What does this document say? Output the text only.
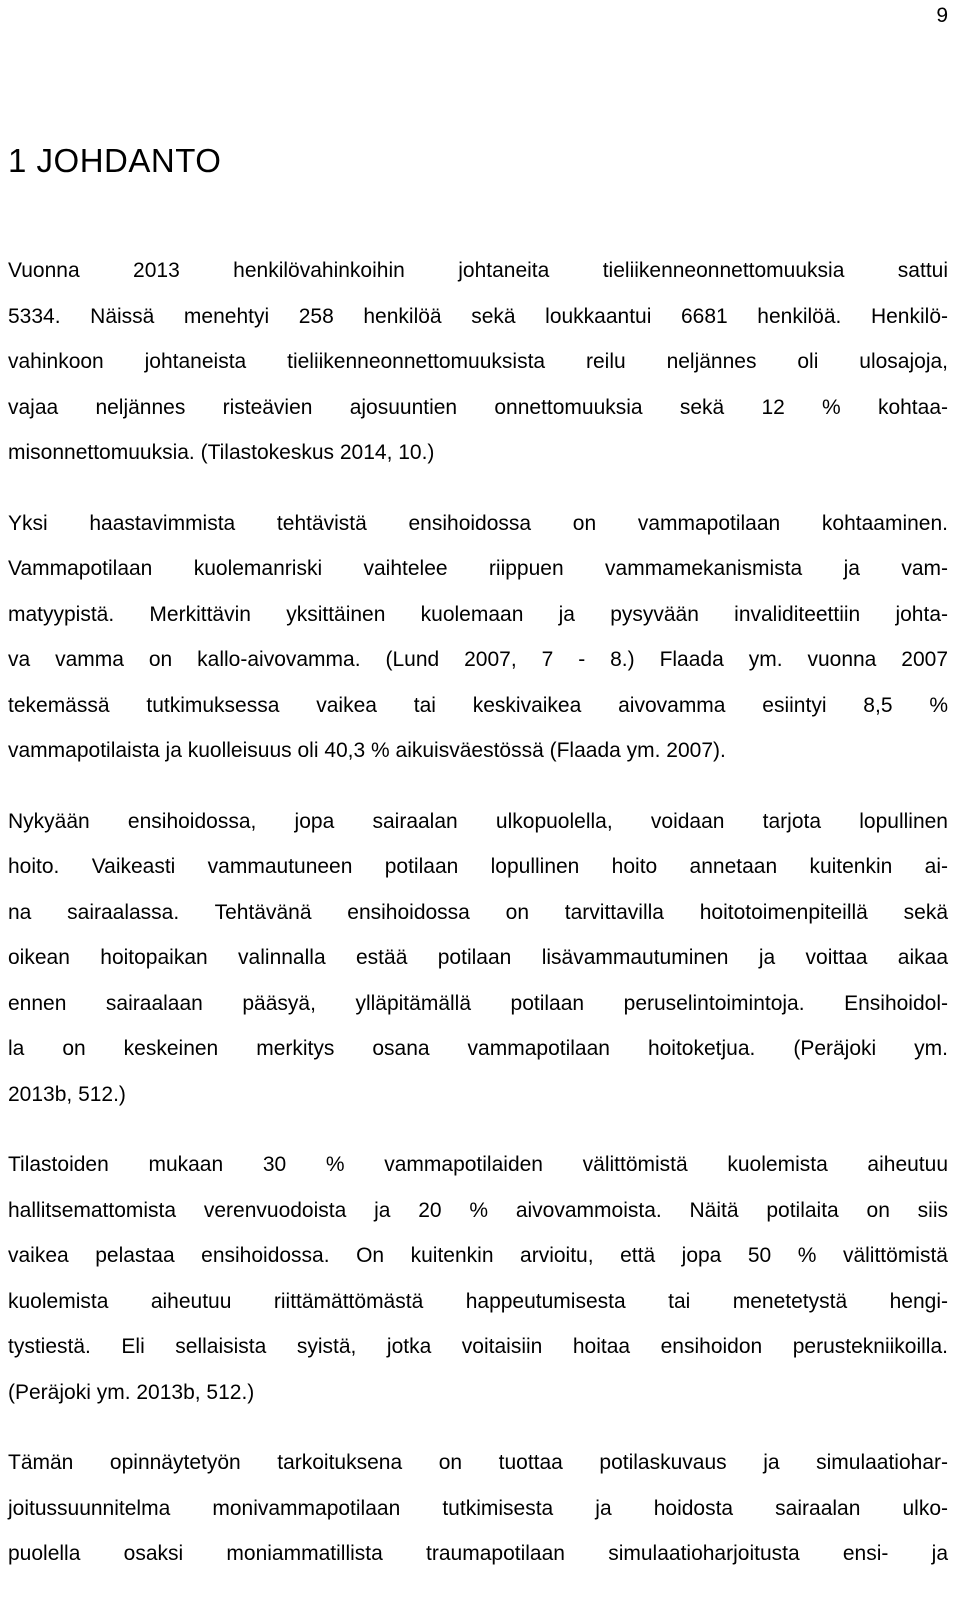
9
1 JOHDANTO

Vuonna 2013 henkilövahinkoihin johtaneita tieliikenneonnettomuuksia sattui
5334. Näissä menehtyi 258 henkilöä sekä loukkaantui 6681 henkilöä. Henkilö-
vahinkoon johtaneista tieliikenneonnettomuuksista reilu neljännes oli ulosajoja,
vajaa neljännes risteävien ajosuuntien onnettomuuksia sekä 12 % kohtaa-
misonnettomuuksia. (Tilastokeskus 2014, 10.)

Yksi haastavimmista tehtävistä ensihoidossa on vammapotilaan kohtaaminen.
Vammapotilaan kuolemanriski vaihtelee riippuen vammamekanismista ja vam-
matyypistä. Merkittävin yksittäinen kuolemaan ja pysyvään invaliditeettiin johta-
va vamma on kallo-aivovamma. (Lund 2007, 7 - 8.) Flaada ym. vuonna 2007
tekemässä tutkimuksessa vaikea tai keskivaikea aivovamma esiintyi 8,5 %
vammapotilaista ja kuolleisuus oli 40,3 % aikuisväestössä (Flaada ym. 2007).

Nykyään ensihoidossa, jopa sairaalan ulkopuolella, voidaan tarjota lopullinen
hoito. Vaikeasti vammautuneen potilaan lopullinen hoito annetaan kuitenkin ai-
na sairaalassa. Tehtävänä ensihoidossa on tarvittavilla hoitotoimenpiteillä sekä
oikean hoitopaikan valinnalla estää potilaan lisävammautuminen ja voittaa aikaa
ennen sairaalaan pääsyä, ylläpitämällä potilaan peruselintoimintoja. Ensihoidol-
la on keskeinen merkitys osana vammapotilaan hoitoketjua. (Peräjoki ym.
2013b, 512.)

Tilastoiden mukaan 30 % vammapotilaiden välittömistä kuolemista aiheutuu
hallitsemattomista verenvuodoista ja 20 % aivovammoista. Näitä potilaita on siis
vaikea pelastaa ensihoidossa. On kuitenkin arvioitu, että jopa 50 % välittömistä
kuolemista aiheutuu riittämättömästä happeutumisesta tai menetetystä hengi-
tystiestä. Eli sellaisista syistä, jotka voitaisiin hoitaa ensihoidon perustekniikoilla.
(Peräjoki ym. 2013b, 512.)

Tämän opinnäytetyön tarkoituksena on tuottaa potilaskuvaus ja simulaatiohar-
joitussuunnitelma monivammapotilaan tutkimisesta ja hoidosta sairaalan ulko-
puolella osaksi moniammatillista traumapotilaan simulaatioharjoitusta ensi- ja
